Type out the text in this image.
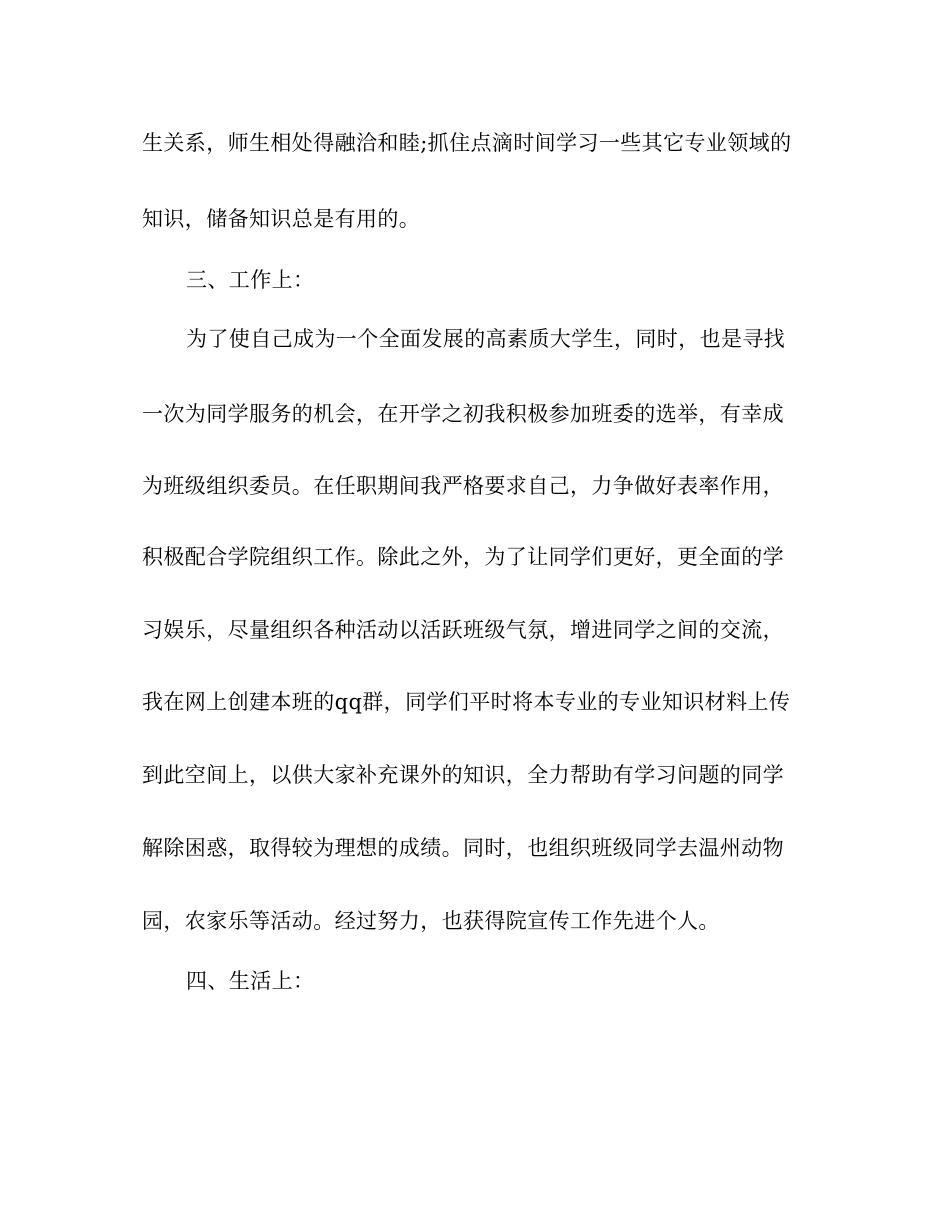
生关系，师生相处得融洽和睦;抓住点滴时间学习一些其它专业领域的
知识，储备知识总是有用的。
三、工作上：
为了使自己成为一个全面发展的高素质大学生，同时，也是寻找
一次为同学服务的机会，在开学之初我积极参加班委的选举，有幸成
为班级组织委员。在任职期间我严格要求自己，力争做好表率作用，
积极配合学院组织工作。除此之外，为了让同学们更好，更全面的学
习娱乐，尽量组织各种活动以活跃班级气氛，增进同学之间的交流，
我在网上创建本班的qq群，同学们平时将本专业的专业知识材料上传
到此空间上，以供大家补充课外的知识，全力帮助有学习问题的同学
解除困惑，取得较为理想的成绩。同时，也组织班级同学去温州动物
园，农家乐等活动。经过努力，也获得院宣传工作先进个人。
四、生活上：
